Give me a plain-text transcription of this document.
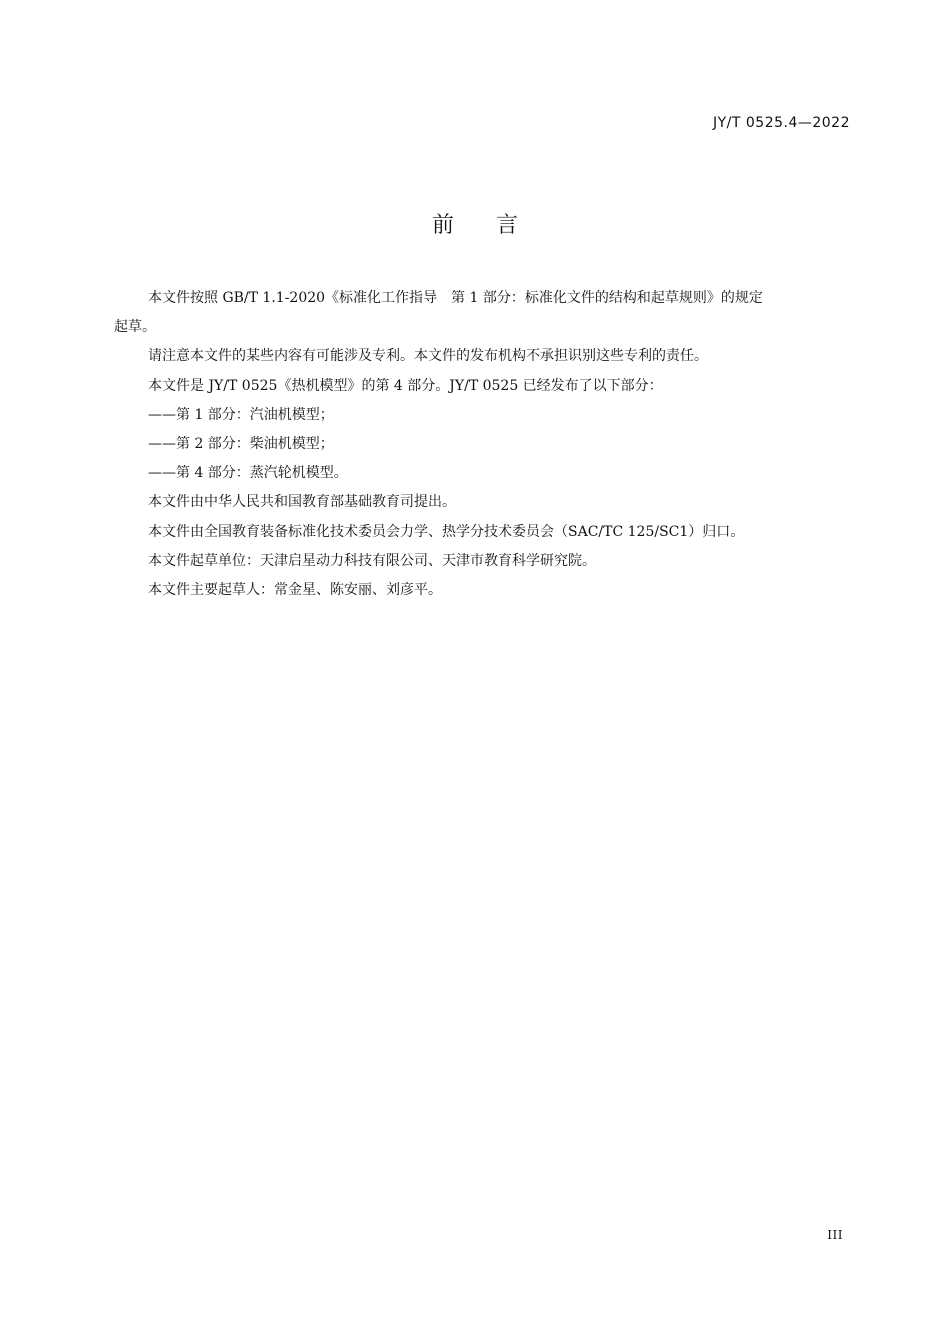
JY/T 0525.4—2022
前言

本文件按照 GB/T 1.1-2020《标准化工作指导　第 1 部分：标准化文件的结构和起草规则》的规定
起草。

请注意本文件的某些内容有可能涉及专利。本文件的发布机构不承担识别这些专利的责任。

本文件是 JY/T 0525《热机模型》的第 4 部分。JY/T 0525 已经发布了以下部分：

——第 1 部分：汽油机模型；

——第 2 部分：柴油机模型；

——第 4 部分：蒸汽轮机模型。

本文件由中华人民共和国教育部基础教育司提出。

本文件由全国教育装备标准化技术委员会力学、热学分技术委员会（SAC/TC 125/SC1）归口。

本文件起草单位：天津启星动力科技有限公司、天津市教育科学研究院。

本文件主要起草人：常金星、陈安丽、刘彦平。

III
